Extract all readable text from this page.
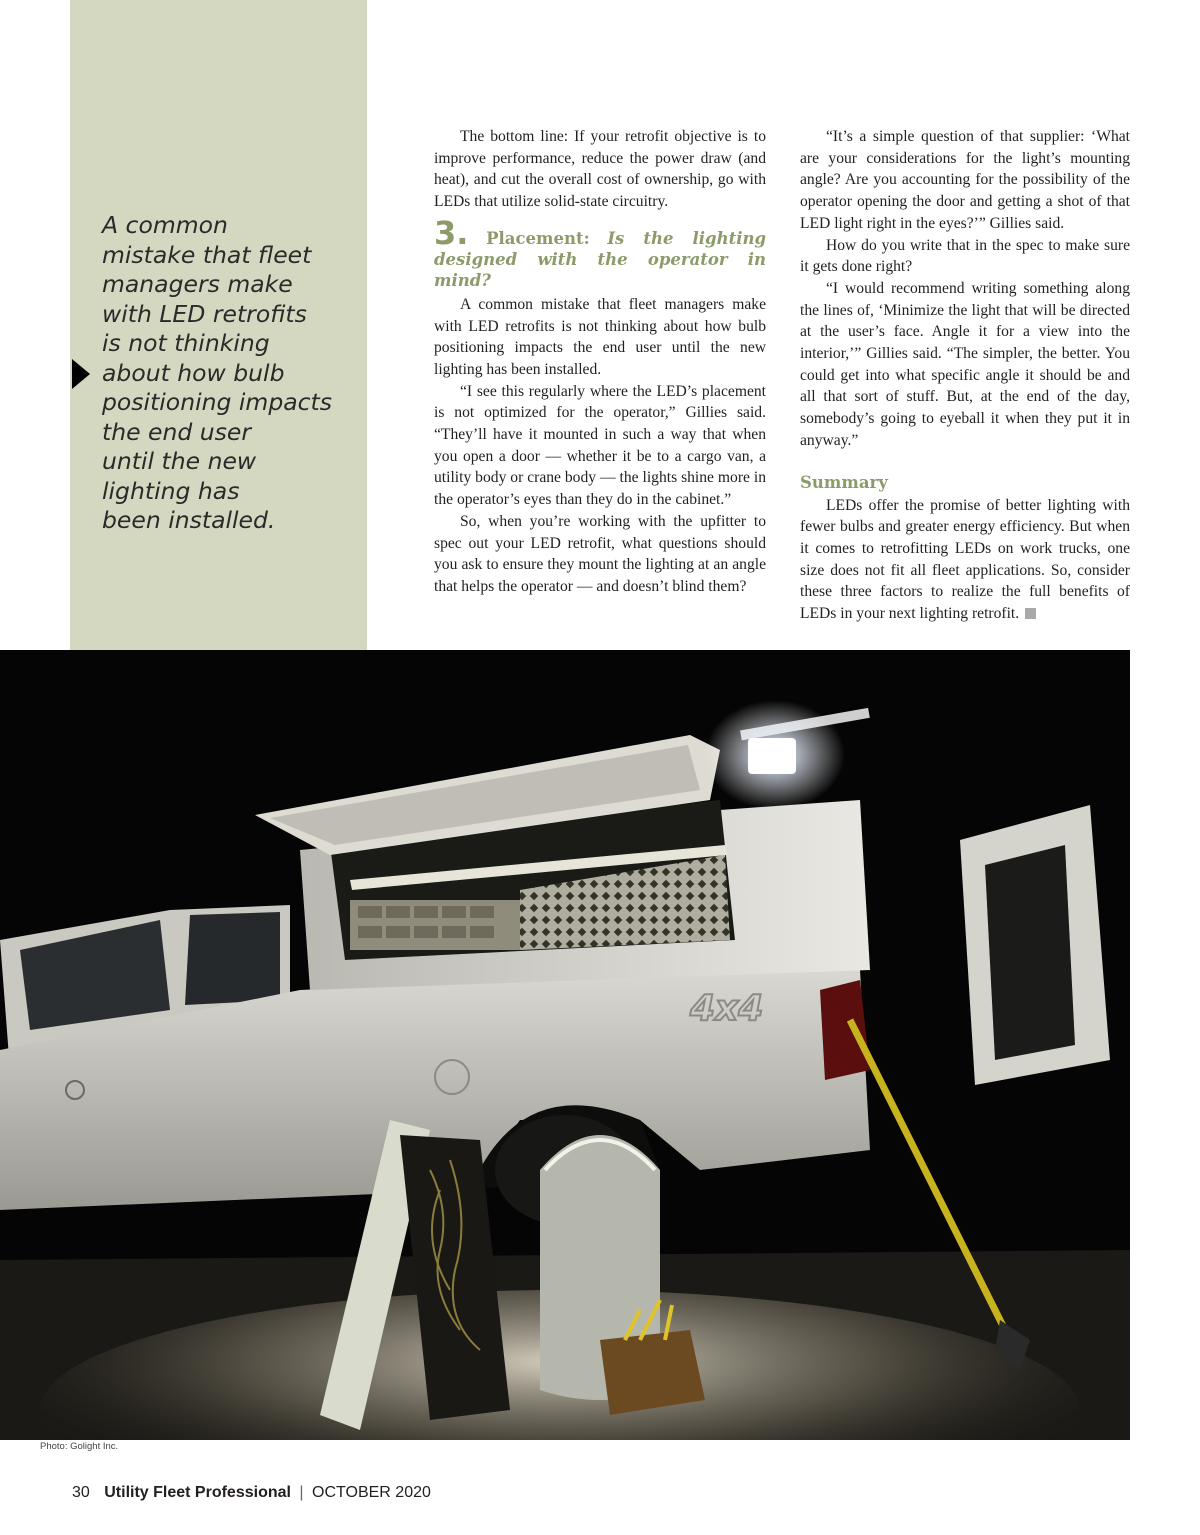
A common
mistake that fleet
managers make
with LED retrofits
is not thinking
about how bulb
positioning impacts
the end user
until the new
lighting has
been installed.

The bottom line: If your retrofit objective is to improve performance, reduce the power draw (and heat), and cut the overall cost of ownership, go with LEDs that utilize solid-state circuitry.

3. Placement: Is the lighting designed with the operator in mind?

A common mistake that fleet managers make with LED retrofits is not thinking about how bulb positioning impacts the end user until the new lighting has been installed.

“I see this regularly where the LED’s placement is not optimized for the operator,” Gillies said. “They’ll have it mounted in such a way that when you open a door — whether it be to a cargo van, a utility body or crane body — the lights shine more in the operator’s eyes than they do in the cabinet.”

So, when you’re working with the upfitter to spec out your LED retrofit, what questions should you ask to ensure they mount the lighting at an angle that helps the operator — and doesn’t blind them?

“It’s a simple question of that supplier: ‘What are your considerations for the light’s mounting angle? Are you accounting for the possibility of the operator opening the door and getting a shot of that LED light right in the eyes?’” Gillies said.

How do you write that in the spec to make sure it gets done right?

“I would recommend writing something along the lines of, ‘Minimize the light that will be directed at the user’s face. Angle it for a view into the interior,’” Gillies said. “The simpler, the better. You could get into what specific angle it should be and all that sort of stuff. But, at the end of the day, somebody’s going to eyeball it when they put it in anyway.”

Summary

LEDs offer the promise of better lighting with fewer bulbs and greater energy efficiency. But when it comes to retrofitting LEDs on work trucks, one size does not fit all fleet applications. So, consider these three factors to realize the full benefits of LEDs in your next lighting retrofit.

4x4
Photo: Golight Inc.
30 Utility Fleet Professional | OCTOBER 2020
